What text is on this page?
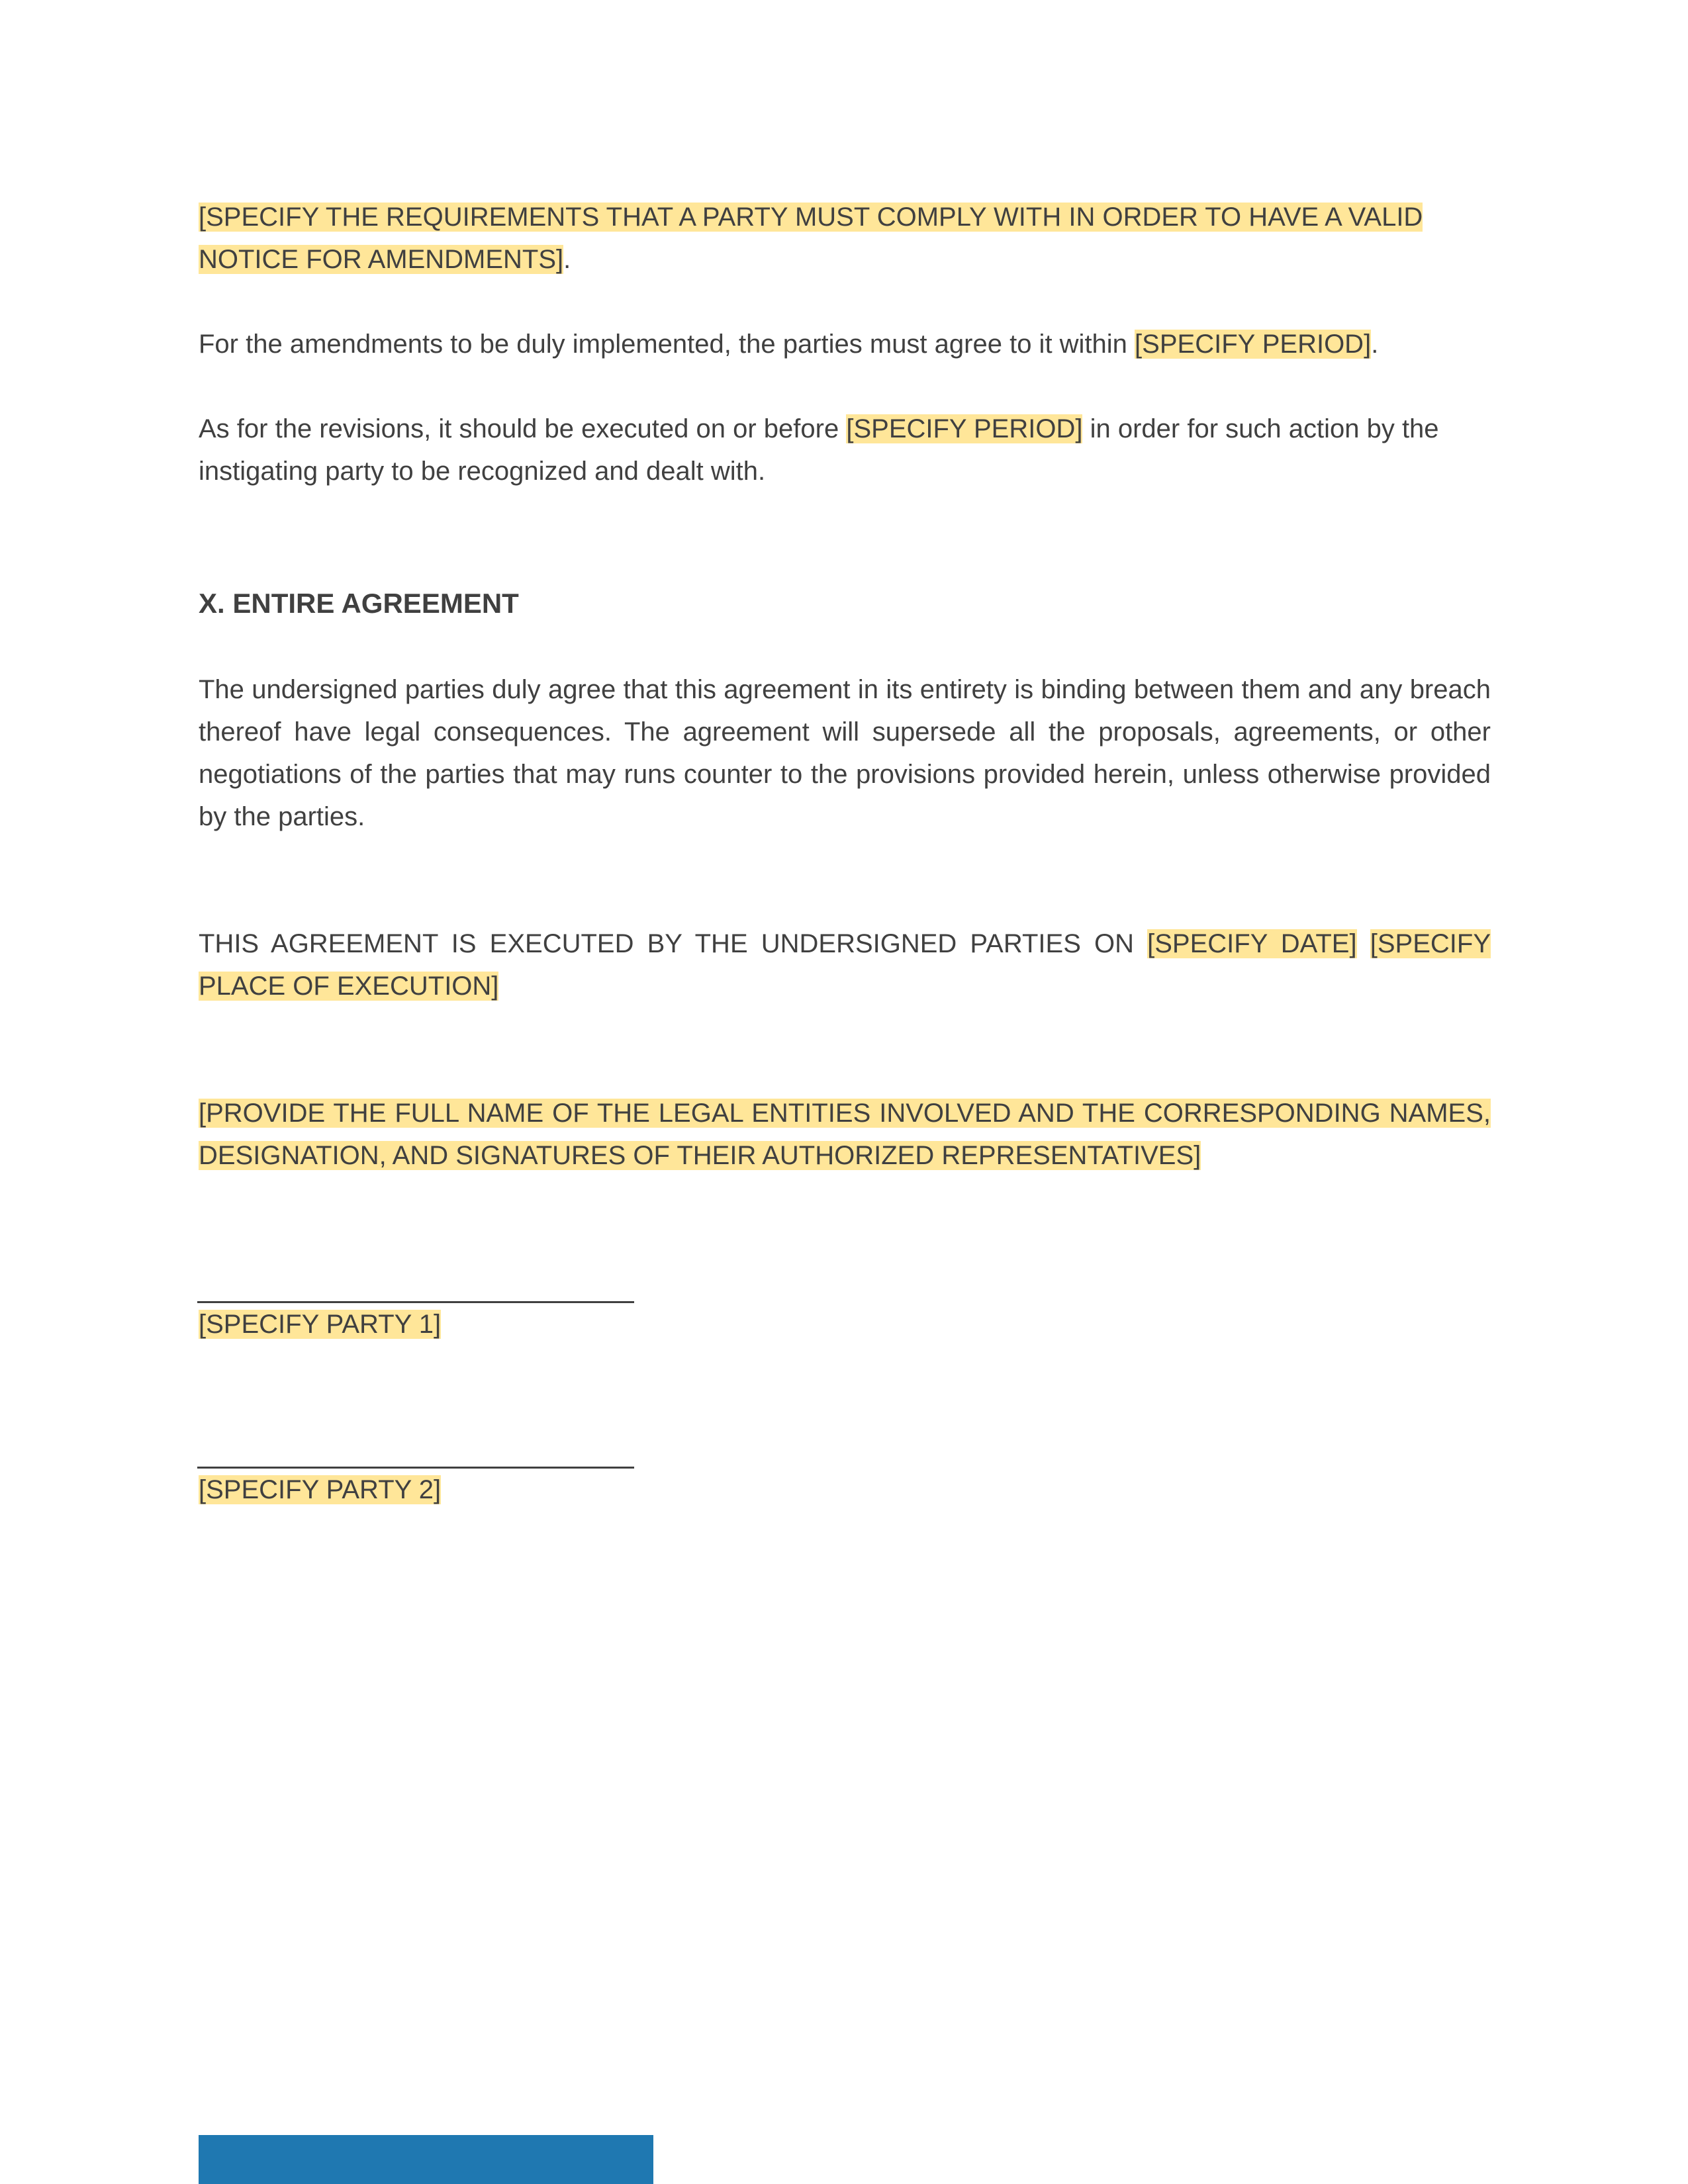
[SPECIFY THE REQUIREMENTS THAT A PARTY MUST COMPLY WITH IN ORDER TO HAVE A VALID NOTICE FOR AMENDMENTS].

For the amendments to be duly implemented, the parties must agree to it within [SPECIFY PERIOD].

As for the revisions, it should be executed on or before [SPECIFY PERIOD] in order for such action by the instigating party to be recognized and dealt with.

X. ENTIRE AGREEMENT

The undersigned parties duly agree that this agreement in its entirety is binding between them and any breach thereof have legal consequences. The agreement will supersede all the proposals, agreements, or other negotiations of the parties that may runs counter to the provisions provided herein, unless otherwise provided by the parties.

THIS AGREEMENT IS EXECUTED BY THE UNDERSIGNED PARTIES ON [SPECIFY DATE] [SPECIFY PLACE OF EXECUTION]

[PROVIDE THE FULL NAME OF THE LEGAL ENTITIES INVOLVED AND THE CORRESPONDING NAMES, DESIGNATION, AND SIGNATURES OF THEIR AUTHORIZED REPRESENTATIVES]

[SPECIFY PARTY 1]
[SPECIFY PARTY 2]
